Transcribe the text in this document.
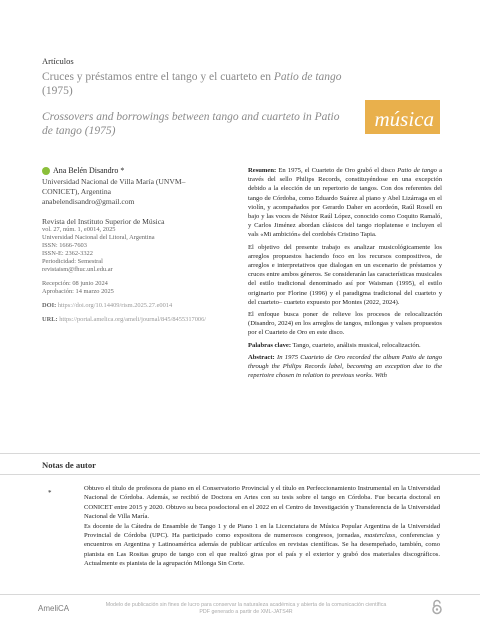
Artículos
Cruces y préstamos entre el tango y el cuarteto en Patio de tango (1975)
Crossovers and borrowings between tango and cuarteto in Patio de tango (1975)	música
Ana Belén Disandro *
Universidad Nacional de Villa María (UNVM–
CONICET), Argentina
anabelendisandro@gmail.com
Revista del Instituto Superior de Música
vol. 27, núm. 1, e0014, 2025
Universidad Nacional del Litoral, Argentina
ISSN: 1666-7603
ISSN-E: 2362-3322
Periodicidad: Semestral
revistaism@fhuc.unl.edu.ar
Recepción: 08 junio 2024
Aprobación: 14 marzo 2025
DOI: https://doi.org/10.14409/rism.2025.27.e0014
URL: https://portal.amelica.org/ameli/journal/845/8455317006/

Resumen: En 1975, el Cuarteto de Oro grabó el disco Patio de tango a través del sello Philips Records, constituyéndose en una excepción debido a la elección de un repertorio de tangos. Con dos referentes del tango de Córdoba, como Eduardo Suárez al piano y Abel Lizárraga en el violín, y acompañados por Gerardo Daher en acordeón, Raúl Rosell en bajo y las voces de Néstor Raúl López, conocido como Coquito Ramaló, y Carlos Jiménez abordan clásicos del tango rioplatense e incluyen el vals «Mi ambición» del cordobés Cristino Tapia.

El objetivo del presente trabajo es analizar musicológicamente los arreglos propuestos haciendo foco en los recursos compositivos, de arreglos e interpretativos que dialogan en un escenario de préstamos y cruces entre ambos géneros. Se considerarán las características musicales del estilo tradicional denominado así por Waisman (1995), el estilo originario por Florine (1996) y el paradigma tradicional del cuarteto y del cuarteto– cuarteto expuesto por Montes (2022, 2024).

El enfoque busca poner de relieve los procesos de relocalización (Disandro, 2024) en los arreglos de tangos, milongas y valses propuestos por el Cuarteto de Oro en este disco.

Palabras clave: Tango, cuarteto, análisis musical, relocalización.

Abstract: In 1975 Cuarteto de Oro recorded the album Patio de tango through the Philips Records label, becoming an exception due to the repertoire chosen in relation to previous works. With

Notas de autor
*
Obtuvo el título de profesora de piano en el Conservatorio Provincial y el título en Perfeccionamiento Instrumental en la Universidad Nacional de Córdoba. Además, se recibió de Doctora en Artes con su tesis sobre el tango en Córdoba. Fue becaria doctoral en CONICET entre 2015 y 2020. Obtuvo su beca posdoctoral en el 2022 en el Centro de Investigación y Transferencia de la Universidad Nacional de Villa María.
Es docente de la Cátedra de Ensamble de Tango 1 y de Piano 1 en la Licenciatura de Música Popular Argentina de la Universidad Provincial de Córdoba (UPC). Ha participado como expositora de numerosos congresos, jornadas, masterclass, conferencias y encuentros en Argentina y Latinoamérica además de publicar artículos en revistas científicas. Se ha desempeñado, también, como pianista en Las Rositas grupo de tango con el que realizó giras por el país y el exterior y grabó dos materiales discográficos. Actualmente es pianista de la agrupación Milonga Sin Corte.
AmeliCA	Modelo de publicación sin fines de lucro para conservar la naturaleza académica y abierta de la comunicación científica
PDF generado a partir de XML-JATS4R
